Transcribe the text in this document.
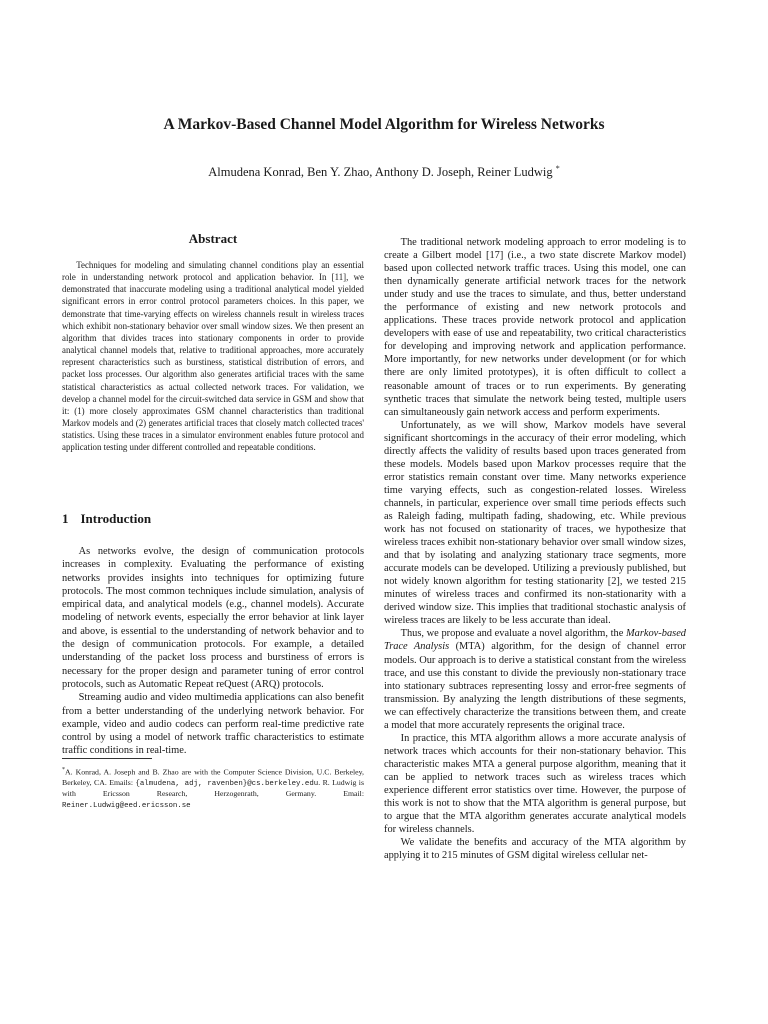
A Markov-Based Channel Model Algorithm for Wireless Networks

Almudena Konrad, Ben Y. Zhao, Anthony D. Joseph, Reiner Ludwig *

Abstract

Techniques for modeling and simulating channel conditions play an essential role in understanding network protocol and application behavior. In [11], we demonstrated that inaccurate modeling using a traditional analytical model yielded significant errors in error control protocol parameters choices. In this paper, we demonstrate that time-varying effects on wireless channels result in wireless traces which exhibit non-stationary behavior over small window sizes. We then present an algorithm that divides traces into stationary components in order to provide analytical channel models that, relative to traditional approaches, more accurately represent characteristics such as burstiness, statistical distribution of errors, and packet loss processes. Our algorithm also generates artificial traces with the same statistical characteristics as actual collected network traces. For validation, we develop a channel model for the circuit-switched data service in GSM and show that it: (1) more closely approximates GSM channel characteristics than traditional Markov models and (2) generates artificial traces that closely match collected traces' statistics. Using these traces in a simulator environment enables future protocol and application testing under different controlled and repeatable conditions.

1 Introduction

As networks evolve, the design of communication protocols increases in complexity. Evaluating the performance of existing networks provides insights into techniques for optimizing future protocols. The most common techniques include simulation, analysis of empirical data, and analytical models (e.g., channel models). Accurate modeling of network events, especially the error behavior at link layer and above, is essential to the understanding of network behavior and to the design of communication protocols. For example, a detailed understanding of the packet loss process and burstiness of errors is necessary for the proper design and parameter tuning of error control protocols, such as Automatic Repeat reQuest (ARQ) protocols.

Streaming audio and video multimedia applications can also benefit from a better understanding of the underlying network behavior. For example, video and audio codecs can perform real-time predictive rate control by using a model of network traffic characteristics to estimate traffic conditions in real-time.

*A. Konrad, A. Joseph and B. Zhao are with the Computer Science Division, U.C. Berkeley, Berkeley, CA. Emails: {almudena, adj, ravenben}@cs.berkeley.edu. R. Ludwig is with Ericsson Research, Herzogenrath, Germany. Email: Reiner.Ludwig@eed.ericsson.se

The traditional network modeling approach to error modeling is to create a Gilbert model [17] (i.e., a two state discrete Markov model) based upon collected network traffic traces. Using this model, one can then dynamically generate artificial network traces for the network under study and use the traces to simulate, and thus, better understand the performance of existing and new network protocols and applications. These traces provide network protocol and application developers with ease of use and repeatability, two critical characteristics for developing and improving network and application performance. More importantly, for new networks under development (or for which there are only limited prototypes), it is often difficult to collect a reasonable amount of traces or to run experiments. By generating synthetic traces that simulate the network being tested, multiple users can simultaneously gain network access and perform experiments.

Unfortunately, as we will show, Markov models have several significant shortcomings in the accuracy of their error modeling, which directly affects the validity of results based upon traces generated from these models. Models based upon Markov processes require that the error statistics remain constant over time. Many networks experience time varying effects, such as congestion-related losses. Wireless channels, in particular, experience over small time periods effects such as Raleigh fading, multipath fading, shadowing, etc. While previous work has not focused on stationarity of traces, we hypothesize that wireless traces exhibit non-stationary behavior over small window sizes, and that by isolating and analyzing stationary trace segments, more accurate models can be developed. Utilizing a previously published, but not widely known algorithm for testing stationarity [2], we tested 215 minutes of wireless traces and confirmed its non-stationarity with a derived window size. This implies that traditional stochastic analysis of wireless traces are likely to be less accurate than ideal.

Thus, we propose and evaluate a novel algorithm, the Markov-based Trace Analysis (MTA) algorithm, for the design of channel error models. Our approach is to derive a statistical constant from the wireless trace, and use this constant to divide the previously non-stationary trace into stationary subtraces representing lossy and error-free segments of transmission. By analyzing the length distributions of these segments, we can effectively characterize the transitions between them, and create a model that more accurately represents the original trace.

In practice, this MTA algorithm allows a more accurate analysis of network traces which accounts for their non-stationary behavior. This characteristic makes MTA a general purpose algorithm, meaning that it can be applied to network traces such as wireless traces which experience different error statistics over time. However, the purpose of this work is not to show that the MTA algorithm is general purpose, but to argue that the MTA algorithm generates accurate analytical models for wireless channels.

We validate the benefits and accuracy of the MTA algorithm by applying it to 215 minutes of GSM digital wireless cellular net-
